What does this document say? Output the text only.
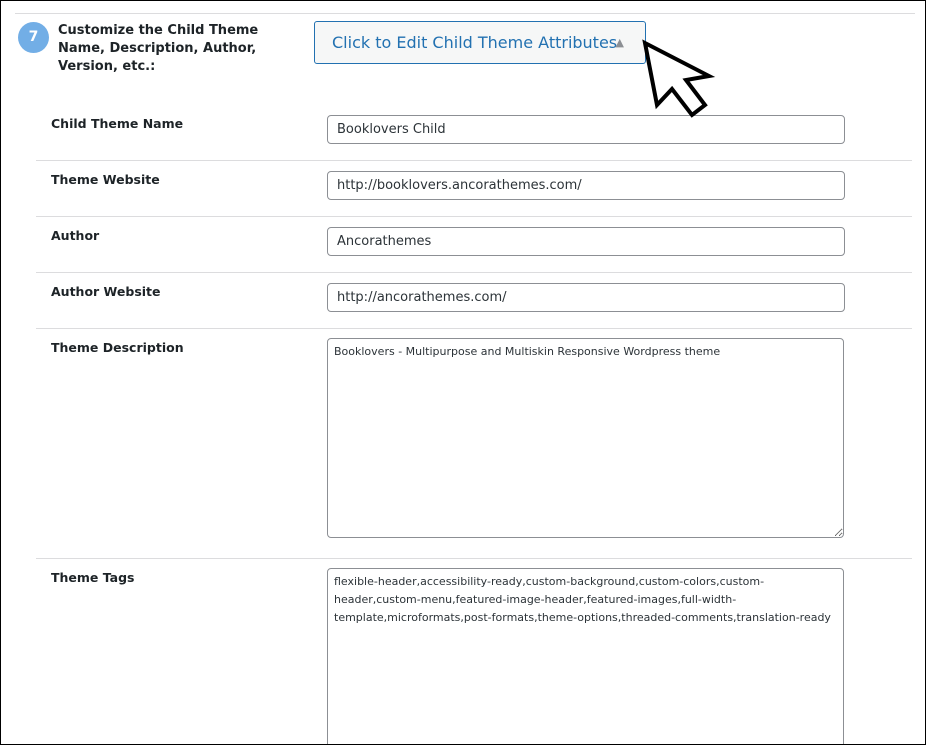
7	Customize the Child Theme Name, Description, Author, Version, etc.:
Click to Edit Child Theme Attributes
▲
Child Theme Name
Booklovers Child
Theme Website
http://booklovers.ancorathemes.com/
Author
Ancorathemes
Author Website
http://ancorathemes.com/
Theme Description
Booklovers - Multipurpose and Multiskin Responsive Wordpress theme
Theme Tags
flexible-header,accessibility-ready,custom-background,custom-colors,custom-header,custom-menu,featured-image-header,featured-images,full-width-template,microformats,post-formats,theme-options,threaded-comments,translation-ready
